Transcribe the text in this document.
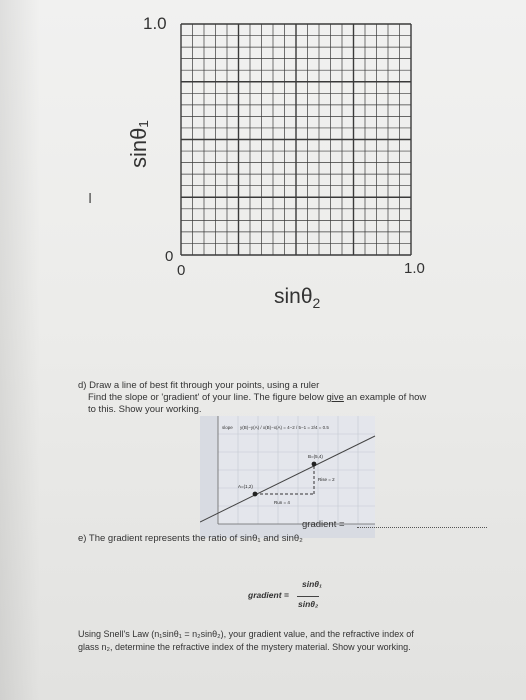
1.0
sinθ₁
I
0
0	1.0
sinθ$_2$
d) Draw a line of best fit through your points, using a ruler
Find the slope or 'gradient' of your line. The figure below give an example of how
to this. Show your working.
slope y(B)−y(A) / x(B)−x(A) = 4−2 / 5−1 = 2/4 = 0.5
A=(1,2)
B=(5,4)
Rise = 2
Run = 4
gradient =
e) The gradient represents the ratio of sinθ₁ and sinθ₂
sinθ₁
gradient =
sinθ₂
Using Snell's Law (n₁sinθ₁ = n₂sinθ₂), your gradient value, and the refractive index of
glass n₂, determine the refractive index of the mystery material. Show your working.
